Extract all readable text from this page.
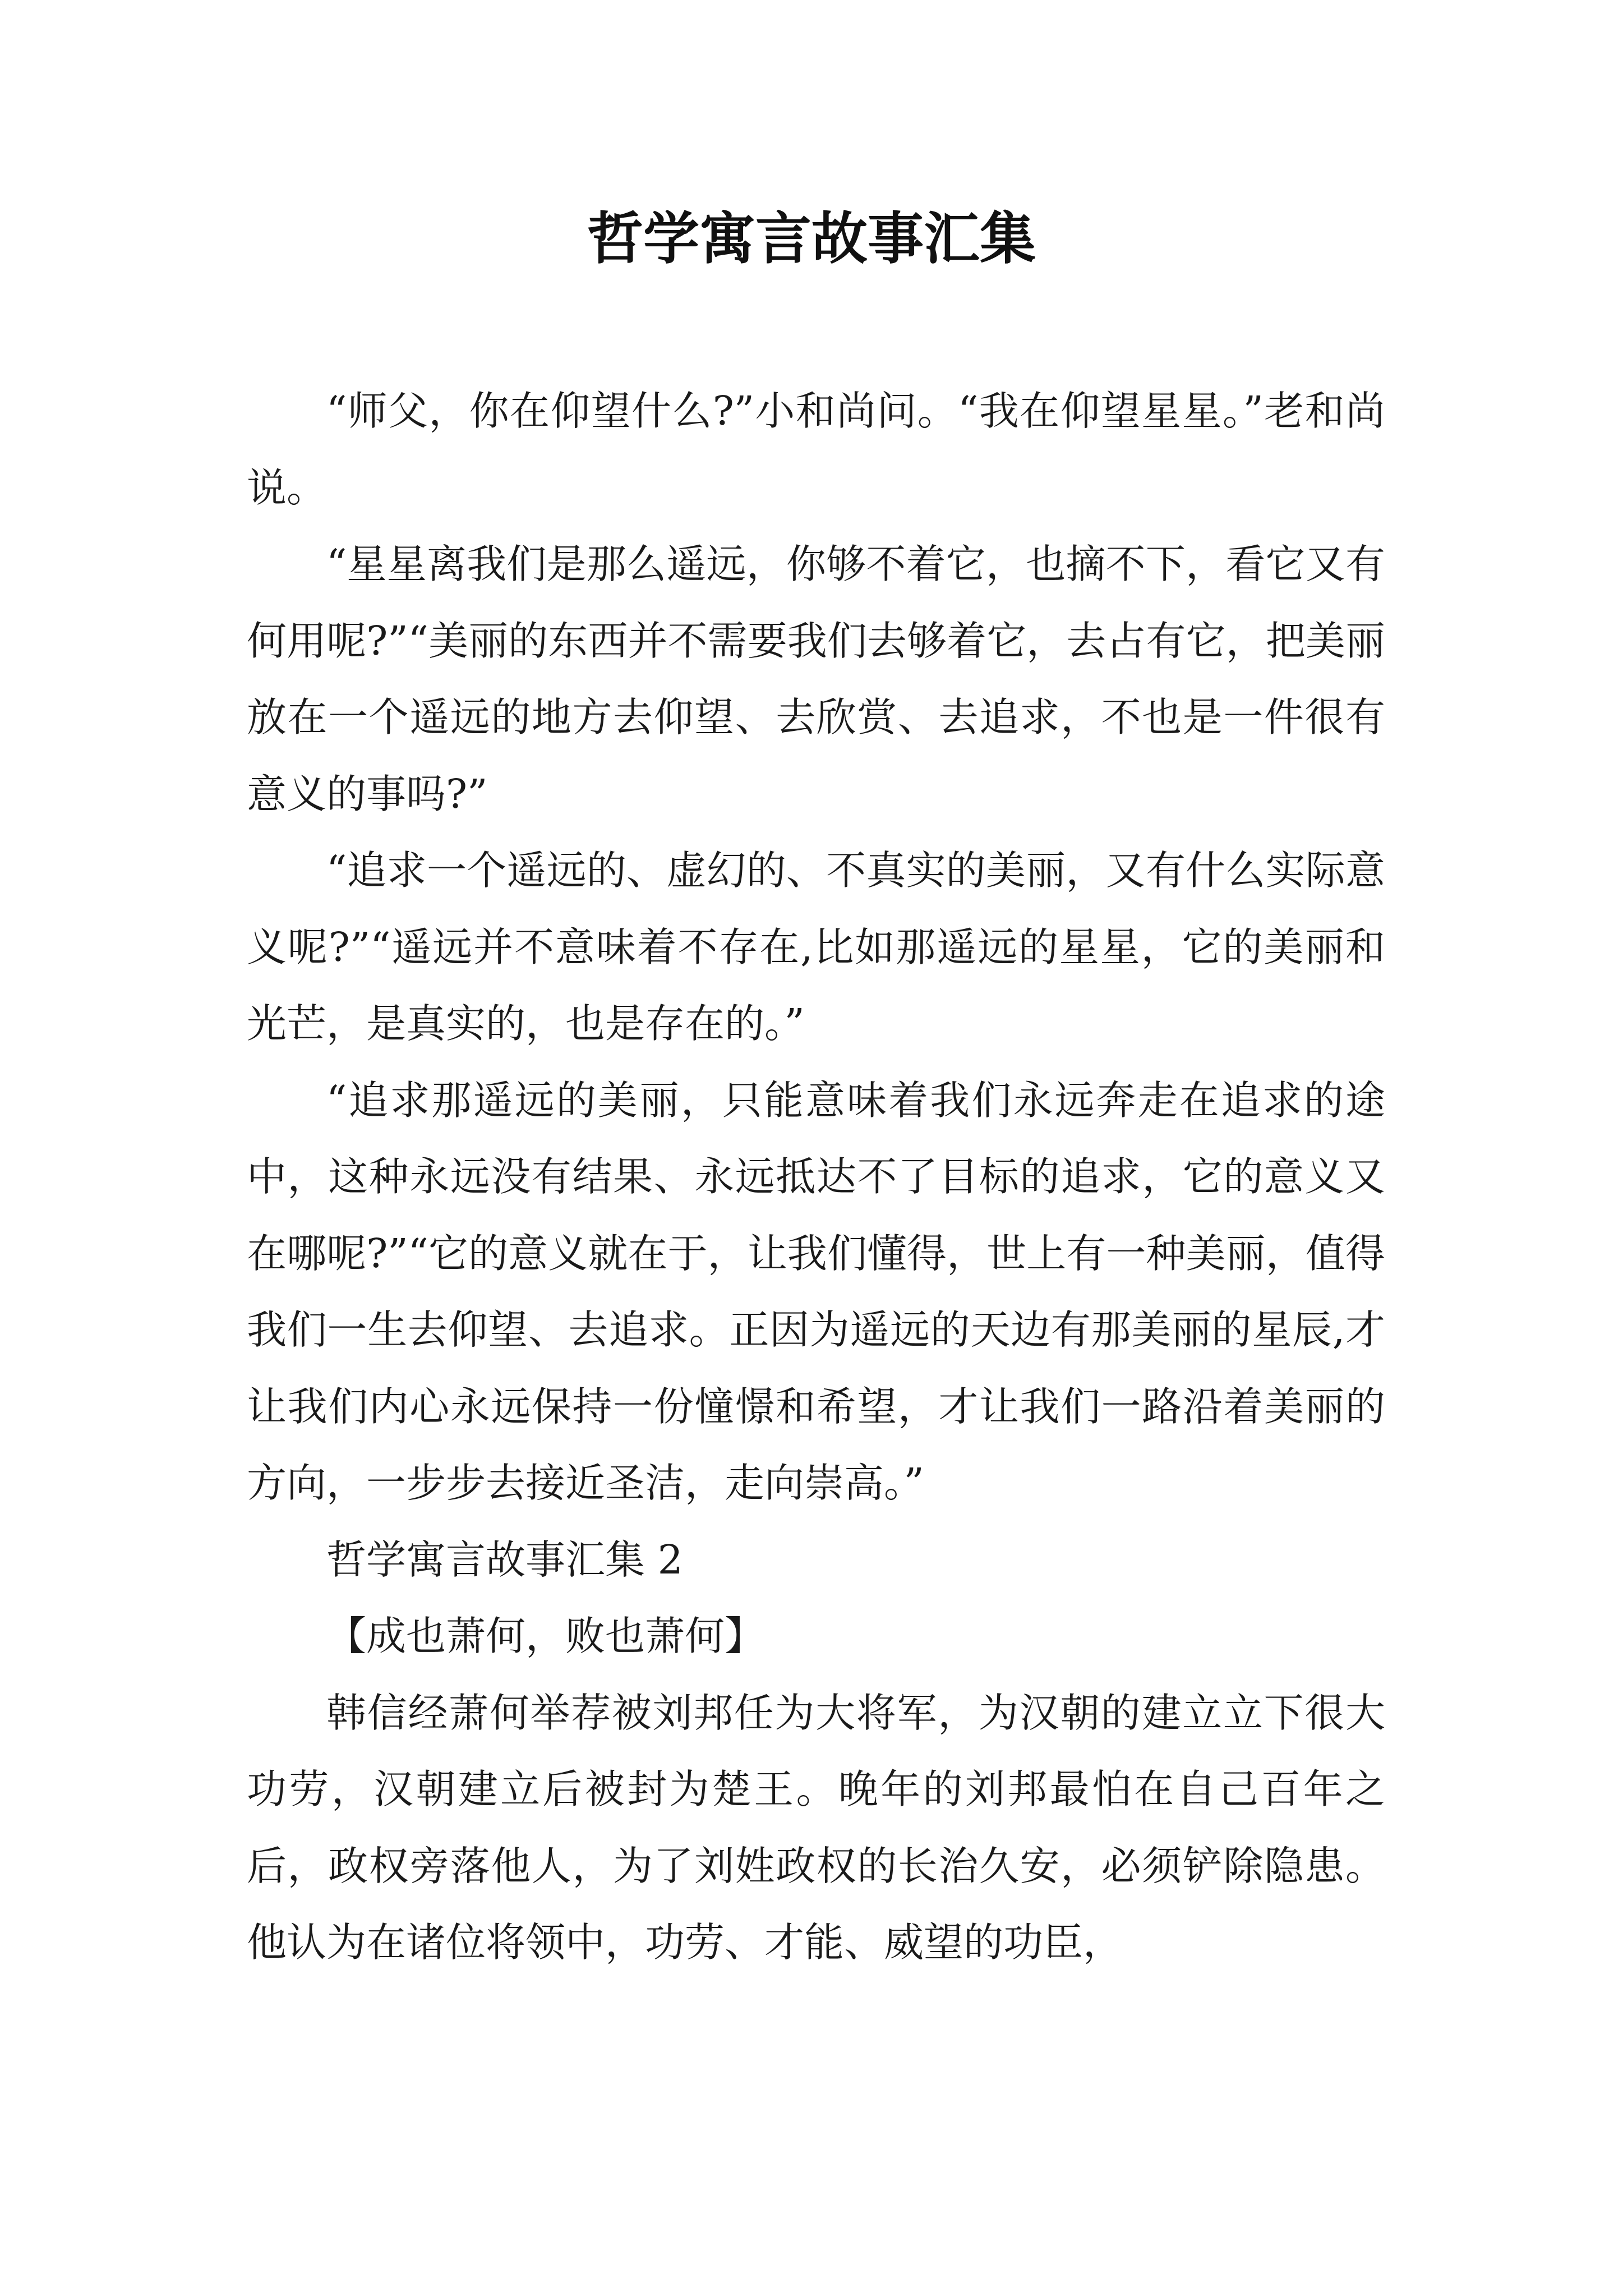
哲学寓言故事汇集

“师父，你在仰望什么?”小和尚问。“我在仰望星星。”老和尚说。

“星星离我们是那么遥远，你够不着它，也摘不下，看它又有何用呢?”“美丽的东西并不需要我们去够着它，去占有它，把美丽放在一个遥远的地方去仰望、去欣赏、去追求，不也是一件很有意义的事吗?”

“追求一个遥远的、虚幻的、不真实的美丽，又有什么实际意义呢?”“遥远并不意味着不存在,比如那遥远的星星，它的美丽和光芒，是真实的，也是存在的。”

“追求那遥远的美丽，只能意味着我们永远奔走在追求的途中，这种永远没有结果、永远抵达不了目标的追求，它的意义又在哪呢?”“它的意义就在于，让我们懂得，世上有一种美丽，值得我们一生去仰望、去追求。正因为遥远的天边有那美丽的星辰,才让我们内心永远保持一份憧憬和希望，才让我们一路沿着美丽的方向，一步步去接近圣洁，走向崇高。”

哲学寓言故事汇集 2

【成也萧何，败也萧何】

韩信经萧何举荐被刘邦任为大将军，为汉朝的建立立下很大功劳，汉朝建立后被封为楚王。晚年的刘邦最怕在自己百年之后，政权旁落他人，为了刘姓政权的长治久安，必须铲除隐患。他认为在诸位将领中，功劳、才能、威望的功臣，
